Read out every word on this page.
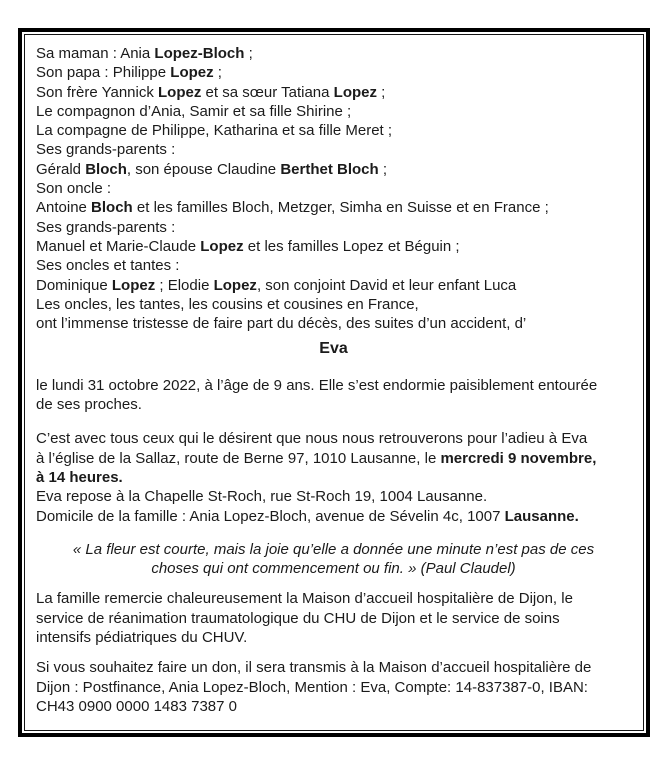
Sa maman : Ania Lopez-Bloch ;
Son papa : Philippe Lopez ;
Son frère Yannick Lopez et sa sœur Tatiana Lopez ;
Le compagnon d’Ania, Samir et sa fille Shirine ;
La compagne de Philippe, Katharina et sa fille Meret ;
Ses grands-parents :
Gérald Bloch, son épouse Claudine Berthet Bloch ;
Son oncle :
Antoine Bloch et les familles Bloch, Metzger, Simha en Suisse et en France ;
Ses grands-parents :
Manuel et Marie-Claude Lopez et les familles Lopez et Béguin ;
Ses oncles et tantes :
Dominique Lopez ; Elodie Lopez, son conjoint David et leur enfant Luca
Les oncles, les tantes, les cousins et cousines en France,
ont l’immense tristesse de faire part du décès, des suites d’un accident, d’
Eva
le lundi 31 octobre 2022, à l’âge de 9 ans. Elle s’est endormie paisiblement entourée
de ses proches.
C’est avec tous ceux qui le désirent que nous nous retrouverons pour l’adieu à Eva
à l’église de la Sallaz, route de Berne 97, 1010 Lausanne, le mercredi 9 novembre,
à 14 heures.
Eva repose à la Chapelle St-Roch, rue St-Roch 19, 1004 Lausanne.
Domicile de la famille : Ania Lopez-Bloch, avenue de Sévelin 4c, 1007 Lausanne.
« La fleur est courte, mais la joie qu’elle a donnée une minute n’est pas de ces
choses qui ont commencement ou fin. » (Paul Claudel)
La famille remercie chaleureusement la Maison d’accueil hospitalière de Dijon, le
service de réanimation traumatologique du CHU de Dijon et le service de soins
intensifs pédiatriques du CHUV.
Si vous souhaitez faire un don, il sera transmis à la Maison d’accueil hospitalière de
Dijon : Postfinance, Ania Lopez-Bloch, Mention : Eva, Compte: 14-837387-0, IBAN:
CH43 0900 0000 1483 7387 0
